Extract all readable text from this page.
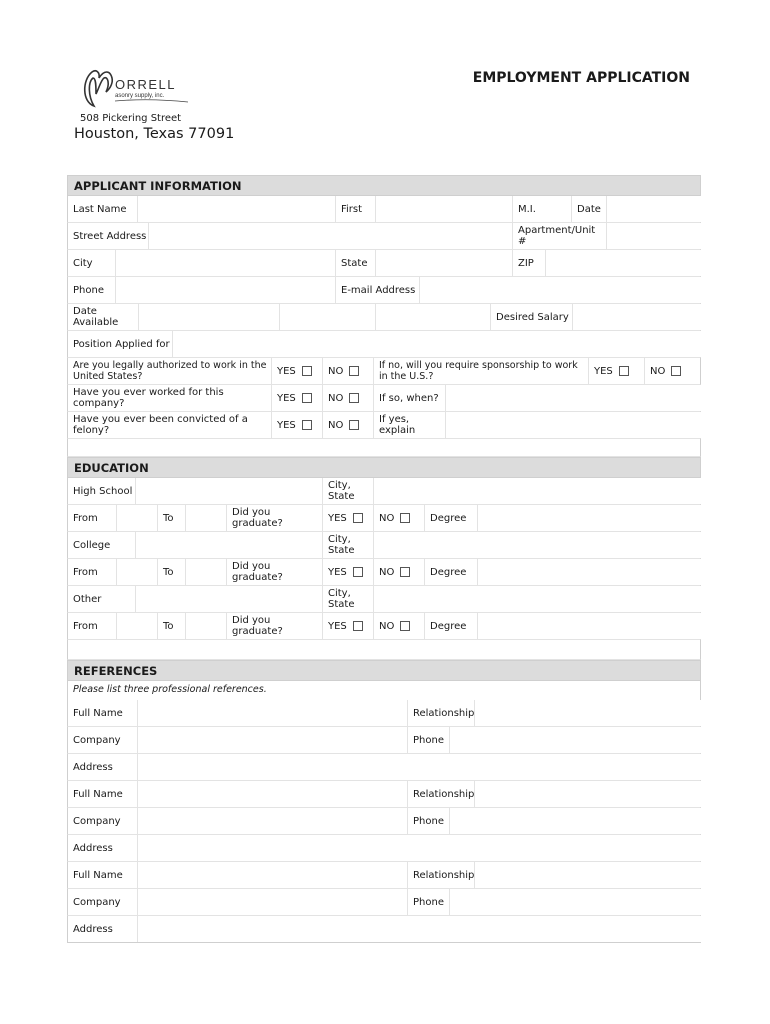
ORRELL
asonry supply, inc.
508 Pickering Street
Houston, Texas 77091
EMPLOYMENT APPLICATION
APPLICANT INFORMATION
Last Name	First	M.I.	Date
Street Address	Apartment/Unit #
City	State	ZIP
Phone	E-mail Address
Date Available	Desired Salary
Position Applied for
Are you legally authorized to work in the United States?	YES	NO	If no, will you require sponsorship to work in the U.S.?	YES	NO
Have you ever worked for this company?	YES	NO	If so, when?
Have you ever been convicted of a felony?	YES	NO	If yes, explain
EDUCATION
High School	City, State
From	To	Did you graduate?	YES	NO	Degree
College	City, State
From	To	Did you graduate?	YES	NO	Degree
Other	City, State
From	To	Did you graduate?	YES	NO	Degree
REFERENCES
Please list three professional references.
Full Name	Relationship
Company	Phone
Address
Full Name	Relationship
Company	Phone
Address
Full Name	Relationship
Company	Phone
Address
